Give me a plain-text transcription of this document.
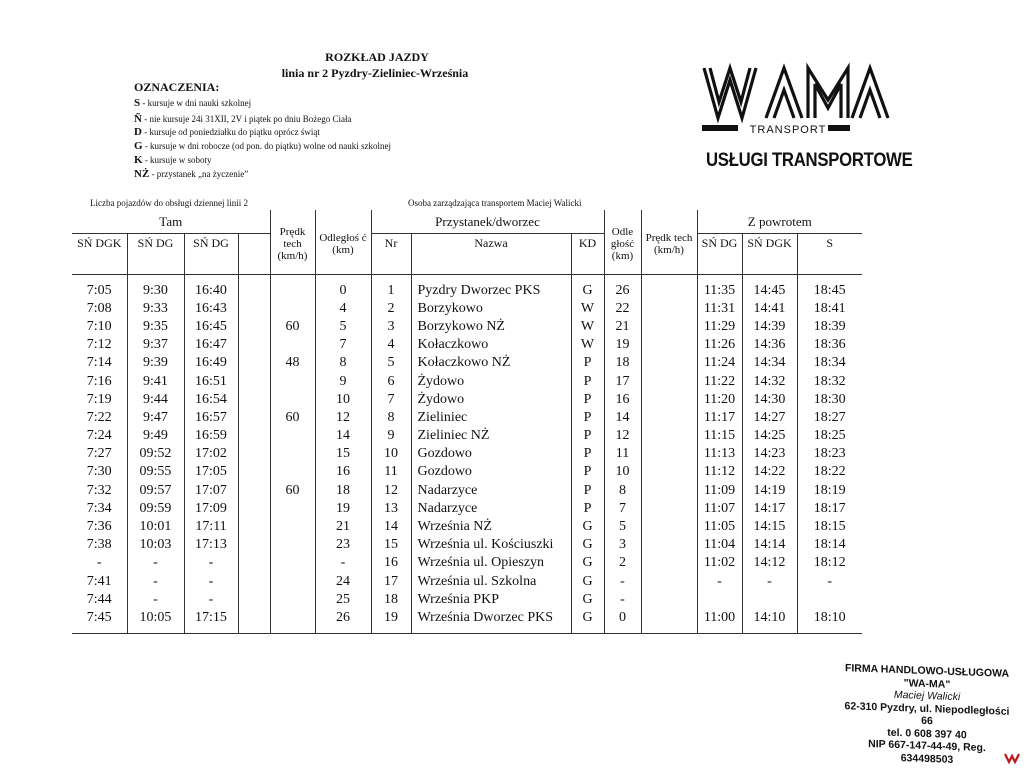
ROZKŁAD JAZDY
linia nr 2 Pyzdry-Zieliniec-Września
OZNACZENIA:
S - kursuje w dni nauki szkolnej
Ñ - nie kursuje 24i 31XII, 2V i piątek po dniu Bożego Ciała
D - kursuje od poniedziałku do piątku oprócz świąt
G - kursuje w dni robocze (od pon. do piątku) wolne od nauki szkolnej
K - kursuje w soboty
NŻ - przystanek „na życzenie”
TRANSPORT
USŁUGI TRANSPORTOWE
Liczba pojazdów do obsługi dziennej linii 2	Osoba zarządzająca transportem Maciej Walicki
Tam				Prędk tech (km/h)	Odległoś ć (km)	Przystanek/dworzec			Odle głość (km)	Prędk tech (km/h)	Z powrotem		
SŃ DGK	SŃ DG	SŃ DG				Nr	Nazwa	KD			SŃ DG	SŃ DGK	S
7:05	9:30	16:40			0	1	Pyzdry Dworzec PKS	G	26		11:35	14:45	18:45
7:08	9:33	16:43			4	2	Borzykowo	W	22		11:31	14:41	18:41
7:10	9:35	16:45		60	5	3	Borzykowo NŻ	W	21		11:29	14:39	18:39
7:12	9:37	16:47			7	4	Kołaczkowo	W	19		11:26	14:36	18:36
7:14	9:39	16:49		48	8	5	Kołaczkowo NŻ	P	18		11:24	14:34	18:34
7:16	9:41	16:51			9	6	Żydowo	P	17		11:22	14:32	18:32
7:19	9:44	16:54			10	7	Żydowo	P	16		11:20	14:30	18:30
7:22	9:47	16:57		60	12	8	Zieliniec	P	14		11:17	14:27	18:27
7:24	9:49	16:59			14	9	Zieliniec NŻ	P	12		11:15	14:25	18:25
7:27	09:52	17:02			15	10	Gozdowo	P	11		11:13	14:23	18:23
7:30	09:55	17:05			16	11	Gozdowo	P	10		11:12	14:22	18:22
7:32	09:57	17:07		60	18	12	Nadarzyce	P	8		11:09	14:19	18:19
7:34	09:59	17:09			19	13	Nadarzyce	P	7		11:07	14:17	18:17
7:36	10:01	17:11			21	14	Września NŻ	G	5		11:05	14:15	18:15
7:38	10:03	17:13			23	15	Września ul. Kościuszki	G	3		11:04	14:14	18:14
-	-	-			-	16	Września ul. Opieszyn	G	2		11:02	14:12	18:12
7:41	-	-			24	17	Września ul. Szkolna	G	-		-	-	-
7:44	-	-			25	18	Września PKP	G	-				
7:45	10:05	17:15			26	19	Września Dworzec PKS	G	0		11:00	14:10	18:10
FIRMA HANDLOWO-USŁUGOWA
"WA-MA"
Maciej Walicki
62-310 Pyzdry, ul. Niepodległości 66
tel. 0 608 397 40
NIP 667-147-44-49, Reg. 634498503
